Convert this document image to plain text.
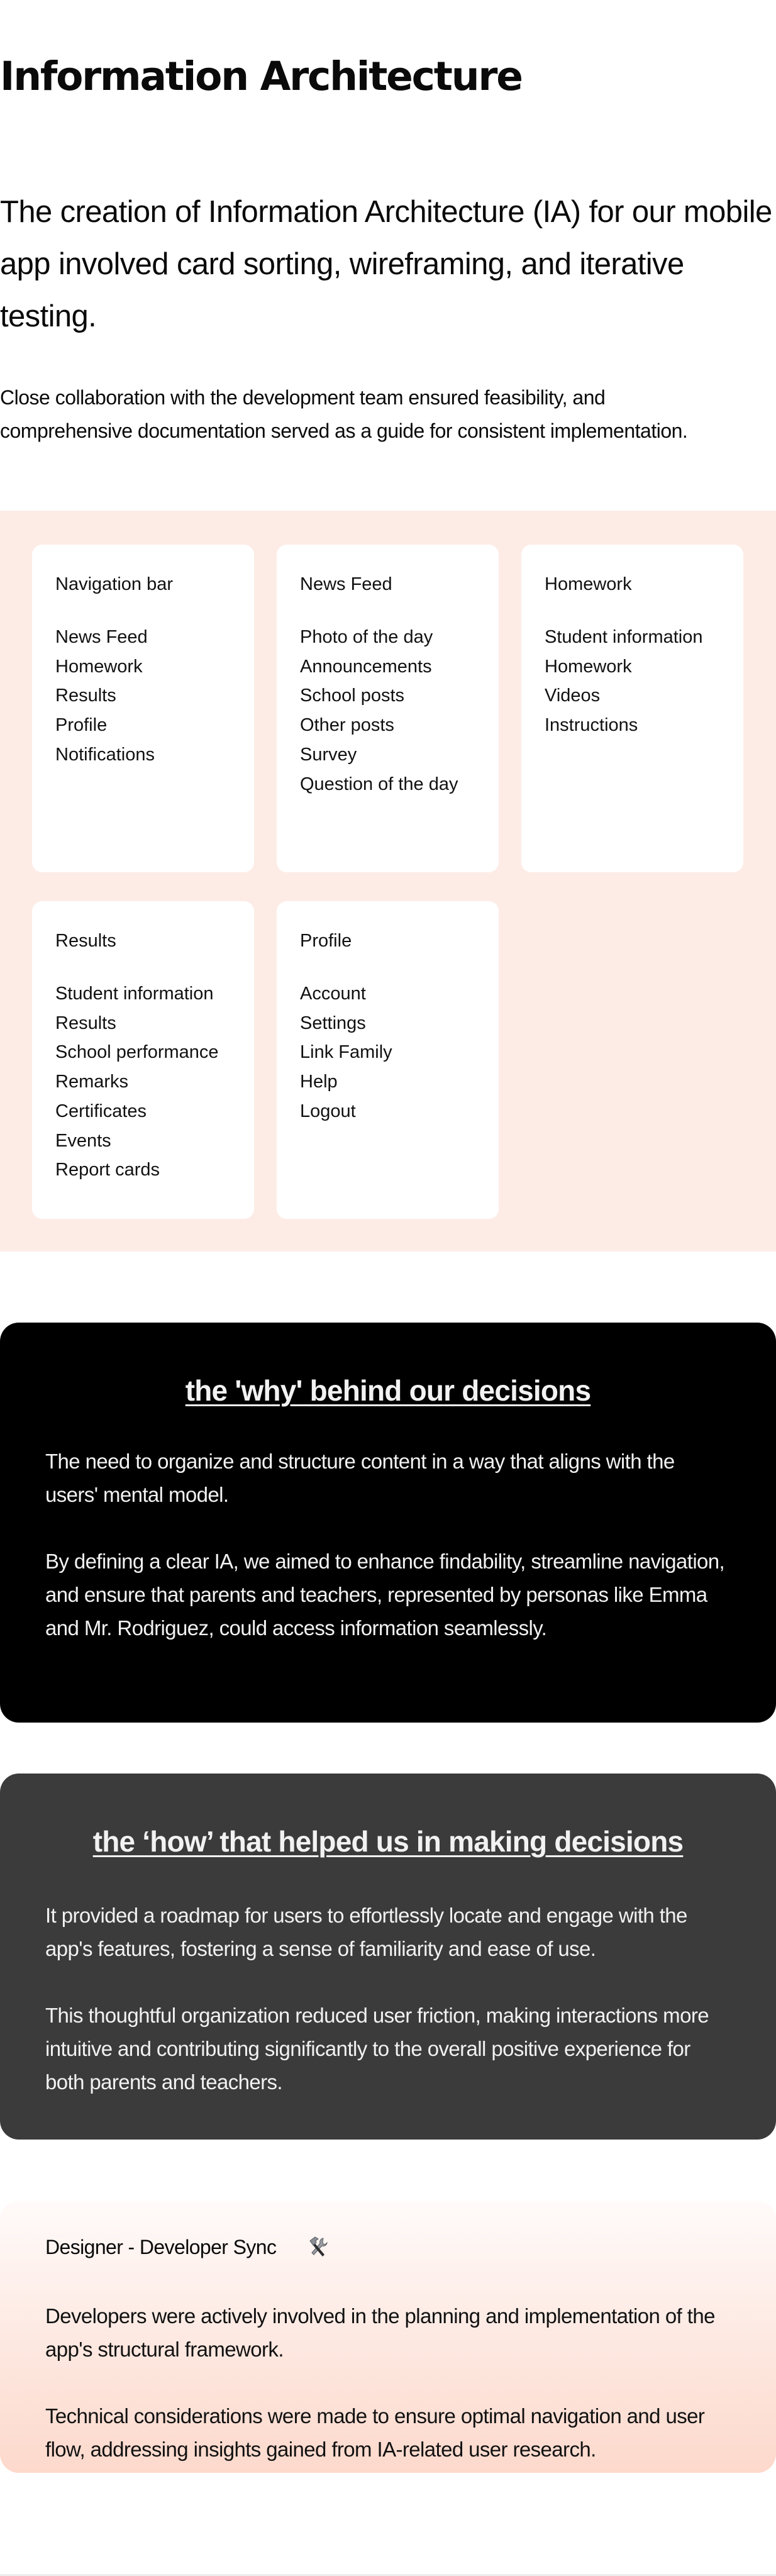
Information Architecture

The creation of Information Architecture (IA) for our mobile app involved card sorting, wireframing, and iterative testing.

Close collaboration with the development team ensured feasibility, and comprehensive documentation served as a guide for consistent implementation.

Navigation bar
News Feed
Homework
Results
Profile
Notifications
News Feed
Photo of the day
Announcements
School posts
Other posts
Survey
Question of the day
Homework
Student information
Homework
Videos
Instructions
Results
Student information
Results
School performance
Remarks
Certificates
Events
Report cards
Profile
Account
Settings
Link Family
Help
Logout
the 'why' behind our decisions

The need to organize and structure content in a way that aligns with the users' mental model.

By defining a clear IA, we aimed to enhance findability, streamline navigation, and ensure that parents and teachers, represented by personas like Emma and Mr. Rodriguez, could access information seamlessly.

the ‘how’ that helped us in making decisions

It provided a roadmap for users to effortlessly locate and engage with the app's features, fostering a sense of familiarity and ease of use.

This thoughtful organization reduced user friction, making interactions more intuitive and contributing significantly to the overall positive experience for both parents and teachers.

Designer - Developer Sync

Developers were actively involved in the planning and implementation of the app's structural framework.

Technical considerations were made to ensure optimal navigation and user flow, addressing insights gained from IA-related user research.
